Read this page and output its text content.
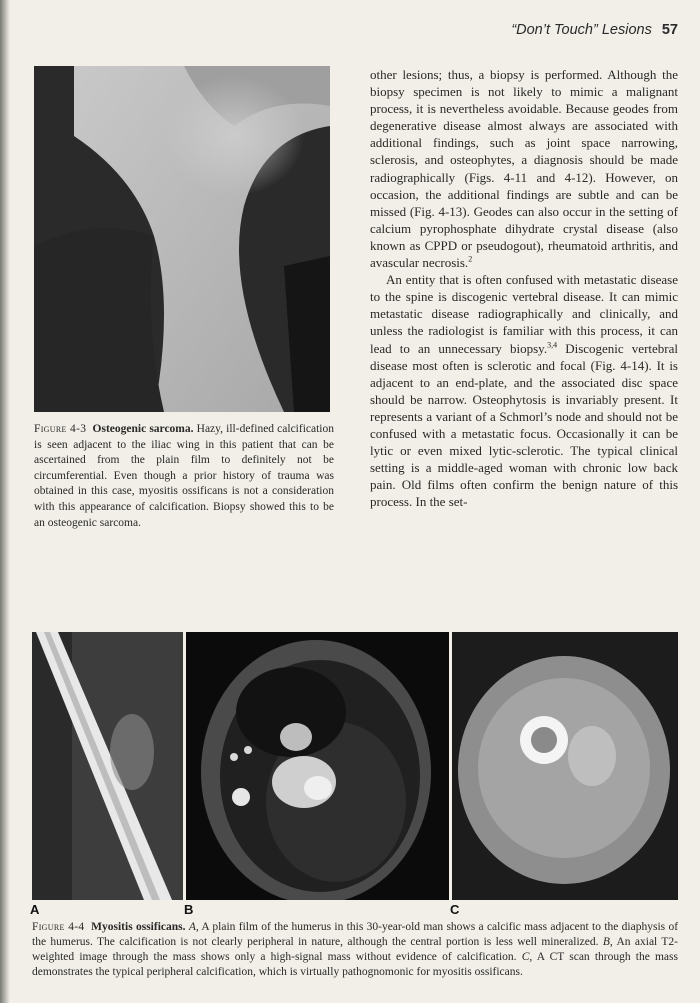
“Don’t Touch” Lesions 57
Figure 4-3 Osteogenic sarcoma. Hazy, ill-defined calcification is seen adjacent to the iliac wing in this patient that can be ascertained from the plain film to definitely not be circumferential. Even though a prior history of trauma was obtained in this case, myositis ossificans is not a consideration with this appearance of calcification. Biopsy showed this to be an osteogenic sarcoma.

other lesions; thus, a biopsy is performed. Although the biopsy specimen is not likely to mimic a malignant process, it is nevertheless avoidable. Because geodes from degenerative disease almost always are associated with additional findings, such as joint space narrowing, sclerosis, and osteophytes, a diagnosis should be made radiographically (Figs. 4-11 and 4-12). However, on occasion, the additional findings are subtle and can be missed (Fig. 4-13). Geodes can also occur in the setting of calcium pyrophosphate dihydrate crystal disease (also known as CPPD or pseudogout), rheumatoid arthritis, and avascular necrosis.$^2$

An entity that is often confused with metastatic disease to the spine is discogenic vertebral disease. It can mimic metastatic disease radiographically and clinically, and unless the radiologist is familiar with this process, it can lead to an unnecessary biopsy.$^{3,4}$ Discogenic vertebral disease most often is sclerotic and focal (Fig. 4-14). It is adjacent to an end-plate, and the associated disc space should be narrow. Osteophytosis is invariably present. It represents a variant of a Schmorl’s node and should not be confused with a metastatic focus. Occasionally it can be lytic or even mixed lytic-sclerotic. The typical clinical setting is a middle-aged woman with chronic low back pain. Old films often confirm the benign nature of this process. In the set-

A	B	C
Figure 4-4 Myositis ossificans. A, A plain film of the humerus in this 30-year-old man shows a calcific mass adjacent to the diaphysis of the humerus. The calcification is not clearly peripheral in nature, although the central portion is less well mineralized. B, An axial T2-weighted image through the mass shows only a high-signal mass without evidence of calcification. C, A CT scan through the mass demonstrates the typical peripheral calcification, which is virtually pathognomonic for myositis ossificans.
